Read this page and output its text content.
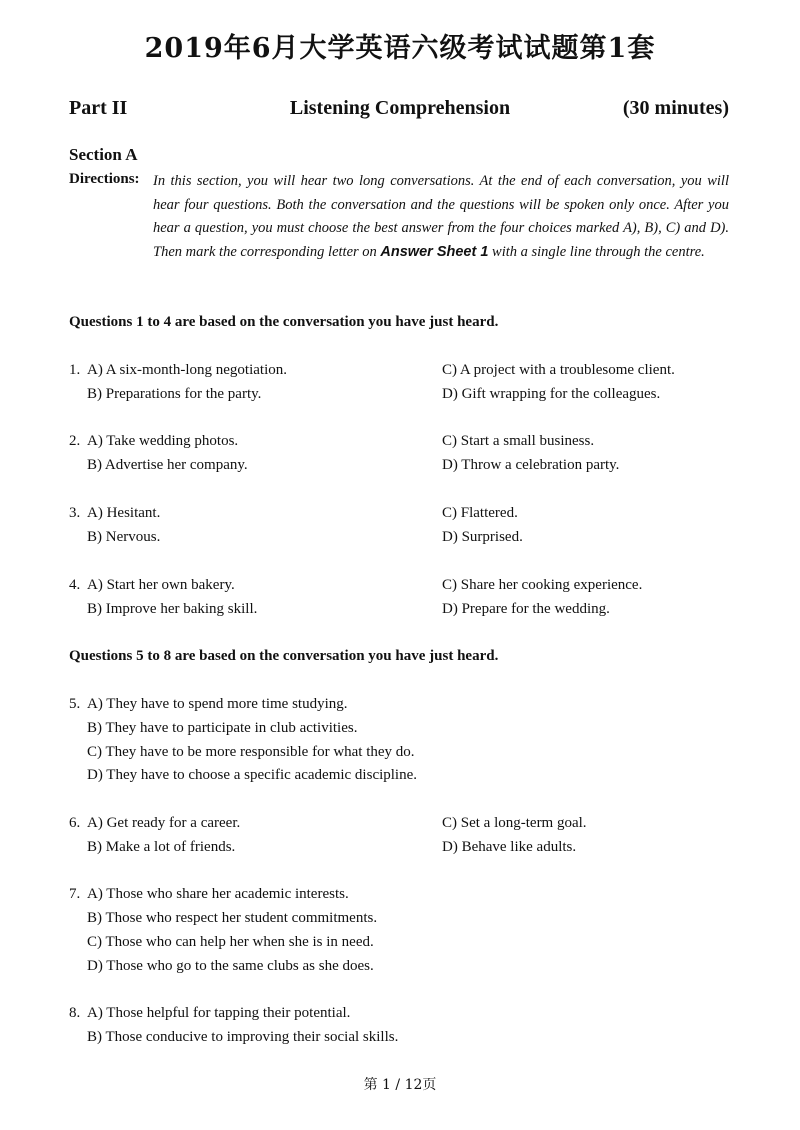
2019年6月大学英语六级考试试题第1套
Part II	Listening Comprehension	(30 minutes)
Section A
Directions: In this section, you will hear two long conversations. At the end of each conversation, you will hear four questions. Both the conversation and the questions will be spoken only once. After you hear a question, you must choose the best answer from the four choices marked A), B), C) and D). Then mark the corresponding letter on Answer Sheet 1 with a single line through the centre.
Questions 1 to 4 are based on the conversation you have just heard.
1. A) A six-month-long negotiation.
B) Preparations for the party.
C) A project with a troublesome client.
D) Gift wrapping for the colleagues.
2. A) Take wedding photos.
B) Advertise her company.
C) Start a small business.
D) Throw a celebration party.
3. A) Hesitant.
B) Nervous.
C) Flattered.
D) Surprised.
4. A) Start her own bakery.
B) Improve her baking skill.
C) Share her cooking experience.
D) Prepare for the wedding.
Questions 5 to 8 are based on the conversation you have just heard.
5. A) They have to spend more time studying.
B) They have to participate in club activities.
C) They have to be more responsible for what they do.
D) They have to choose a specific academic discipline.
6. A) Get ready for a career.
B) Make a lot of friends.
C) Set a long-term goal.
D) Behave like adults.
7. A) Those who share her academic interests.
B) Those who respect her student commitments.
C) Those who can help her when she is in need.
D) Those who go to the same clubs as she does.
8. A) Those helpful for tapping their potential.
B) Those conducive to improving their social skills.
第 1 / 12页
